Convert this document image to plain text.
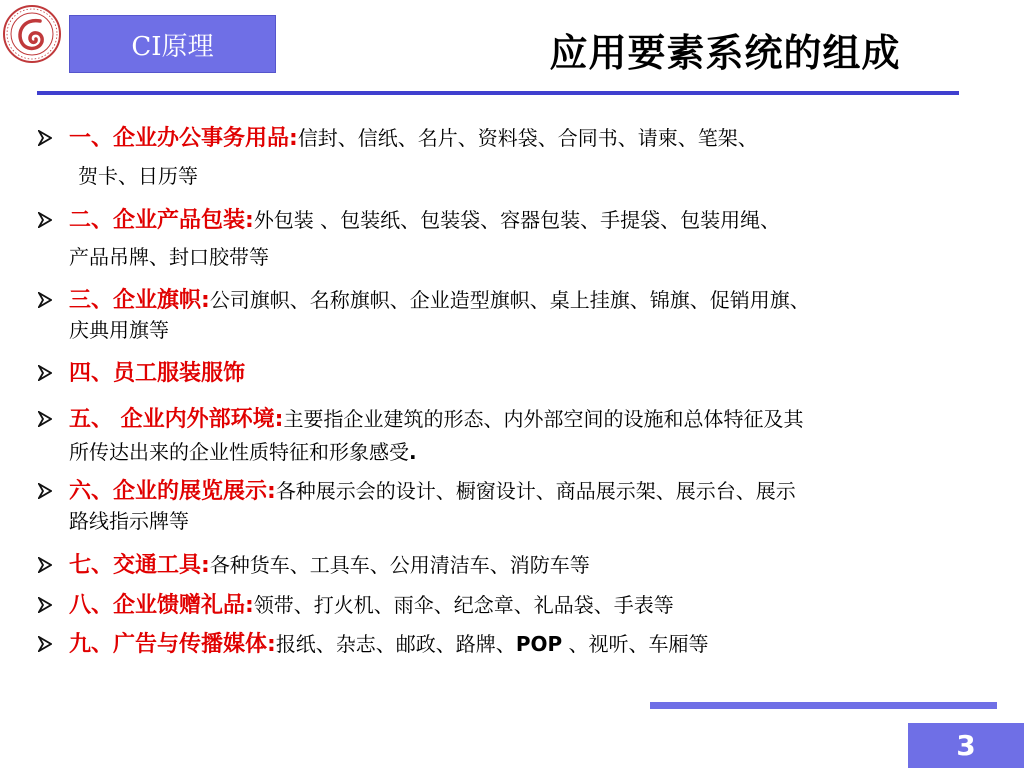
CI原理	应用要素系统的组成
一、企业办公事务用品:信封、信纸、名片、资料袋、合同书、请柬、笔架、
贺卡、日历等
二、企业产品包装:外包装 、包装纸、包装袋、容器包装、手提袋、包装用绳、
产品吊牌、封口胶带等
三、企业旗帜:公司旗帜、名称旗帜、企业造型旗帜、桌上挂旗、锦旗、促销用旗、
庆典用旗等
四、员工服装服饰
五、 企业内外部环境:主要指企业建筑的形态、内外部空间的设施和总体特征及其
所传达出来的企业性质特征和形象感受.
六、企业的展览展示:各种展示会的设计、橱窗设计、商品展示架、展示台、展示
路线指示牌等
七、交通工具:各种货车、工具车、公用清洁车、消防车等
八、企业馈赠礼品:领带、打火机、雨伞、纪念章、礼品袋、手表等
九、广告与传播媒体:报纸、杂志、邮政、路牌、POP 、视听、车厢等
3
